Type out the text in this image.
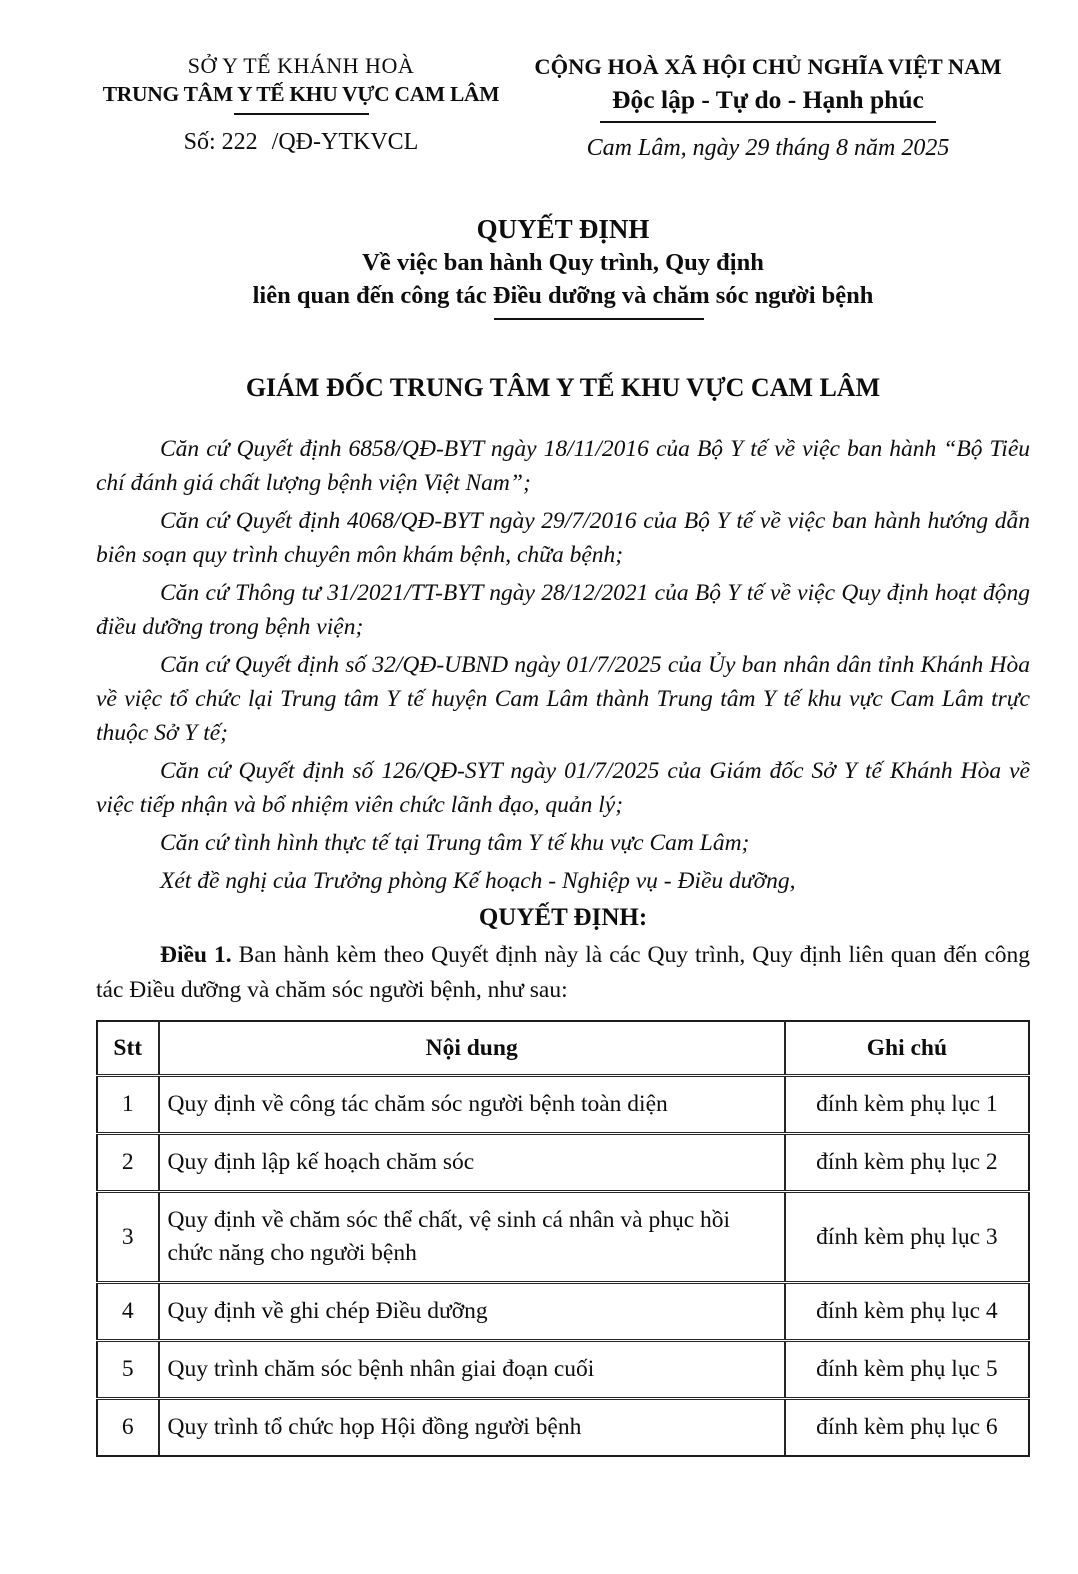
SỞ Y TẾ KHÁNH HOÀ
TRUNG TÂM Y TẾ KHU VỰC CAM LÂM
Số: 222 /QĐ-YTKVCL
CỘNG HOÀ XÃ HỘI CHỦ NGHĨA VIỆT NAM
Độc lập - Tự do - Hạnh phúc
Cam Lâm, ngày 29 tháng 8 năm 2025
QUYẾT ĐỊNH
Về việc ban hành Quy trình, Quy định
liên quan đến công tác Điều dưỡng và chăm sóc người bệnh
GIÁM ĐỐC TRUNG TÂM Y TẾ KHU VỰC CAM LÂM

Căn cứ Quyết định 6858/QĐ-BYT ngày 18/11/2016 của Bộ Y tế về việc ban hành “Bộ Tiêu chí đánh giá chất lượng bệnh viện Việt Nam”;

Căn cứ Quyết định 4068/QĐ-BYT ngày 29/7/2016 của Bộ Y tế về việc ban hành hướng dẫn biên soạn quy trình chuyên môn khám bệnh, chữa bệnh;

Căn cứ Thông tư 31/2021/TT-BYT ngày 28/12/2021 của Bộ Y tế về việc Quy định hoạt động điều dưỡng trong bệnh viện;

Căn cứ Quyết định số 32/QĐ-UBND ngày 01/7/2025 của Ủy ban nhân dân tỉnh Khánh Hòa về việc tổ chức lại Trung tâm Y tế huyện Cam Lâm thành Trung tâm Y tế khu vực Cam Lâm trực thuộc Sở Y tế;

Căn cứ Quyết định số 126/QĐ-SYT ngày 01/7/2025 của Giám đốc Sở Y tế Khánh Hòa về việc tiếp nhận và bổ nhiệm viên chức lãnh đạo, quản lý;

Căn cứ tình hình thực tế tại Trung tâm Y tế khu vực Cam Lâm;

Xét đề nghị của Trưởng phòng Kế hoạch - Nghiệp vụ - Điều dưỡng,

QUYẾT ĐỊNH:
Điều 1. Ban hành kèm theo Quyết định này là các Quy trình, Quy định liên quan đến công tác Điều dưỡng và chăm sóc người bệnh, như sau:
Stt	Nội dung	Ghi chú
1	Quy định về công tác chăm sóc người bệnh toàn diện	đính kèm phụ lục 1
2	Quy định lập kế hoạch chăm sóc	đính kèm phụ lục 2
3	Quy định về chăm sóc thể chất, vệ sinh cá nhân và phục hồi chức năng cho người bệnh	đính kèm phụ lục 3
4	Quy định về ghi chép Điều dưỡng	đính kèm phụ lục 4
5	Quy trình chăm sóc bệnh nhân giai đoạn cuối	đính kèm phụ lục 5
6	Quy trình tổ chức họp Hội đồng người bệnh	đính kèm phụ lục 6
